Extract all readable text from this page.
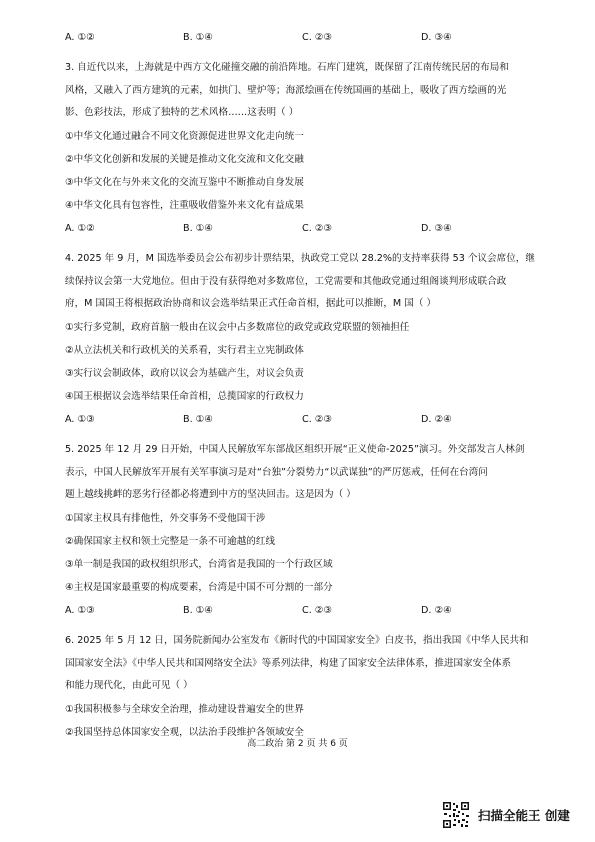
A. ①②	B. ①④	C. ②③	D. ③④
3. 自近代以来，上海就是中西方文化碰撞交融的前沿阵地。石库门建筑，既保留了江南传统民居的布局和
风格，又融入了西方建筑的元素，如拱门、壁炉等；海派绘画在传统国画的基础上，吸收了西方绘画的光
影、色彩技法，形成了独特的艺术风格……这表明（ ）
①中华文化通过融合不同文化资源促进世界文化走向统一
②中华文化创新和发展的关键是推动文化交流和文化交融
③中华文化在与外来文化的交流互鉴中不断推动自身发展
④中华文化具有包容性，注重吸收借鉴外来文化有益成果
A. ①②	B. ①④	C. ②③	D. ③④
4. 2025 年 9 月，M 国选举委员会公布初步计票结果，执政党工党以 28.2%的支持率获得 53 个议会席位，继
续保持议会第一大党地位。但由于没有获得绝对多数席位，工党需要和其他政党通过组阁谈判形成联合政
府，M 国国王将根据政治协商和议会选举结果正式任命首相，据此可以推断，M 国（ ）
①实行多党制，政府首脑一般由在议会中占多数席位的政党或政党联盟的领袖担任
②从立法机关和行政机关的关系看，实行君主立宪制政体
③实行议会制政体，政府以议会为基础产生，对议会负责
④国王根据议会选举结果任命首相，总揽国家的行政权力
A. ①③	B. ①④	C. ②③	D. ②④
5. 2025 年 12 月 29 日开始，中国人民解放军东部战区组织开展“正义使命-2025”演习。外交部发言人林剑
表示，中国人民解放军开展有关军事演习是对“台独”分裂势力“以武谋独”的严厉惩戒，任何在台湾问
题上越线挑衅的恶劣行径都必将遭到中方的坚决回击。这是因为（ ）
①国家主权具有排他性，外交事务不受他国干涉
②确保国家主权和领土完整是一条不可逾越的红线
③单一制是我国的政权组织形式，台湾省是我国的一个行政区域
④主权是国家最重要的构成要素，台湾是中国不可分割的一部分
A. ①③	B. ①④	C. ②③	D. ②④
6. 2025 年 5 月 12 日，国务院新闻办公室发布《新时代的中国国家安全》白皮书，指出我国《中华人民共和
国国家安全法》《中华人民共和国网络安全法》等系列法律，构建了国家安全法律体系，推进国家安全体系
和能力现代化，由此可见（ ）
①我国积极参与全球安全治理，推动建设普遍安全的世界
②我国坚持总体国家安全观，以法治手段维护各领域安全
高二政治 第 2 页 共 6 页
扫描全能王 创建
